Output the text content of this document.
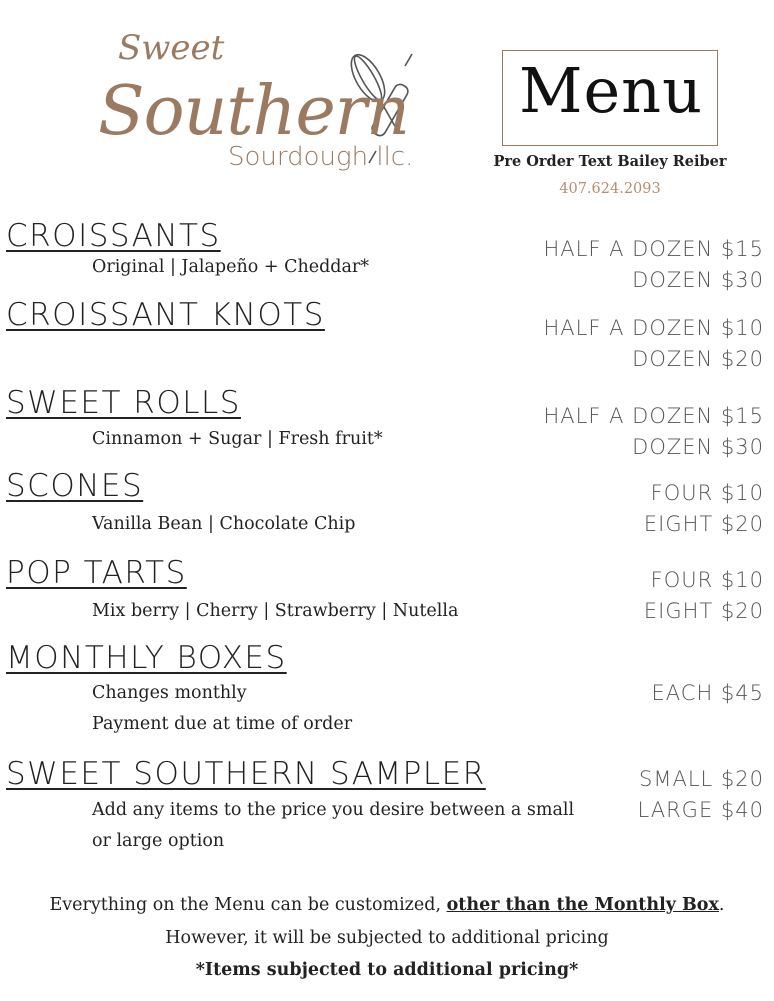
Sweet
Southern
Sourdough llc.
Menu
Pre Order Text Bailey Reiber
407.624.2093
CROISSANTS
Original | Jalapeño + Cheddar*
HALF A DOZEN $15
DOZEN $30
CROISSANT KNOTS	HALF A DOZEN $10
DOZEN $20
SWEET ROLLS
Cinnamon + Sugar | Fresh fruit*
HALF A DOZEN $15
DOZEN $30
SCONES
Vanilla Bean | Chocolate Chip
FOUR $10
EIGHT $20
POP TARTS
Mix berry | Cherry | Strawberry | Nutella
FOUR $10
EIGHT $20
MONTHLY BOXES
Changes monthly
Payment due at time of order
EACH $45
SWEET SOUTHERN SAMPLER
Add any items to the price you desire between a small
or large option
SMALL $20
LARGE $40
Everything on the Menu can be customized, other than the Monthly Box.
However, it will be subjected to additional pricing
*Items subjected to additional pricing*
